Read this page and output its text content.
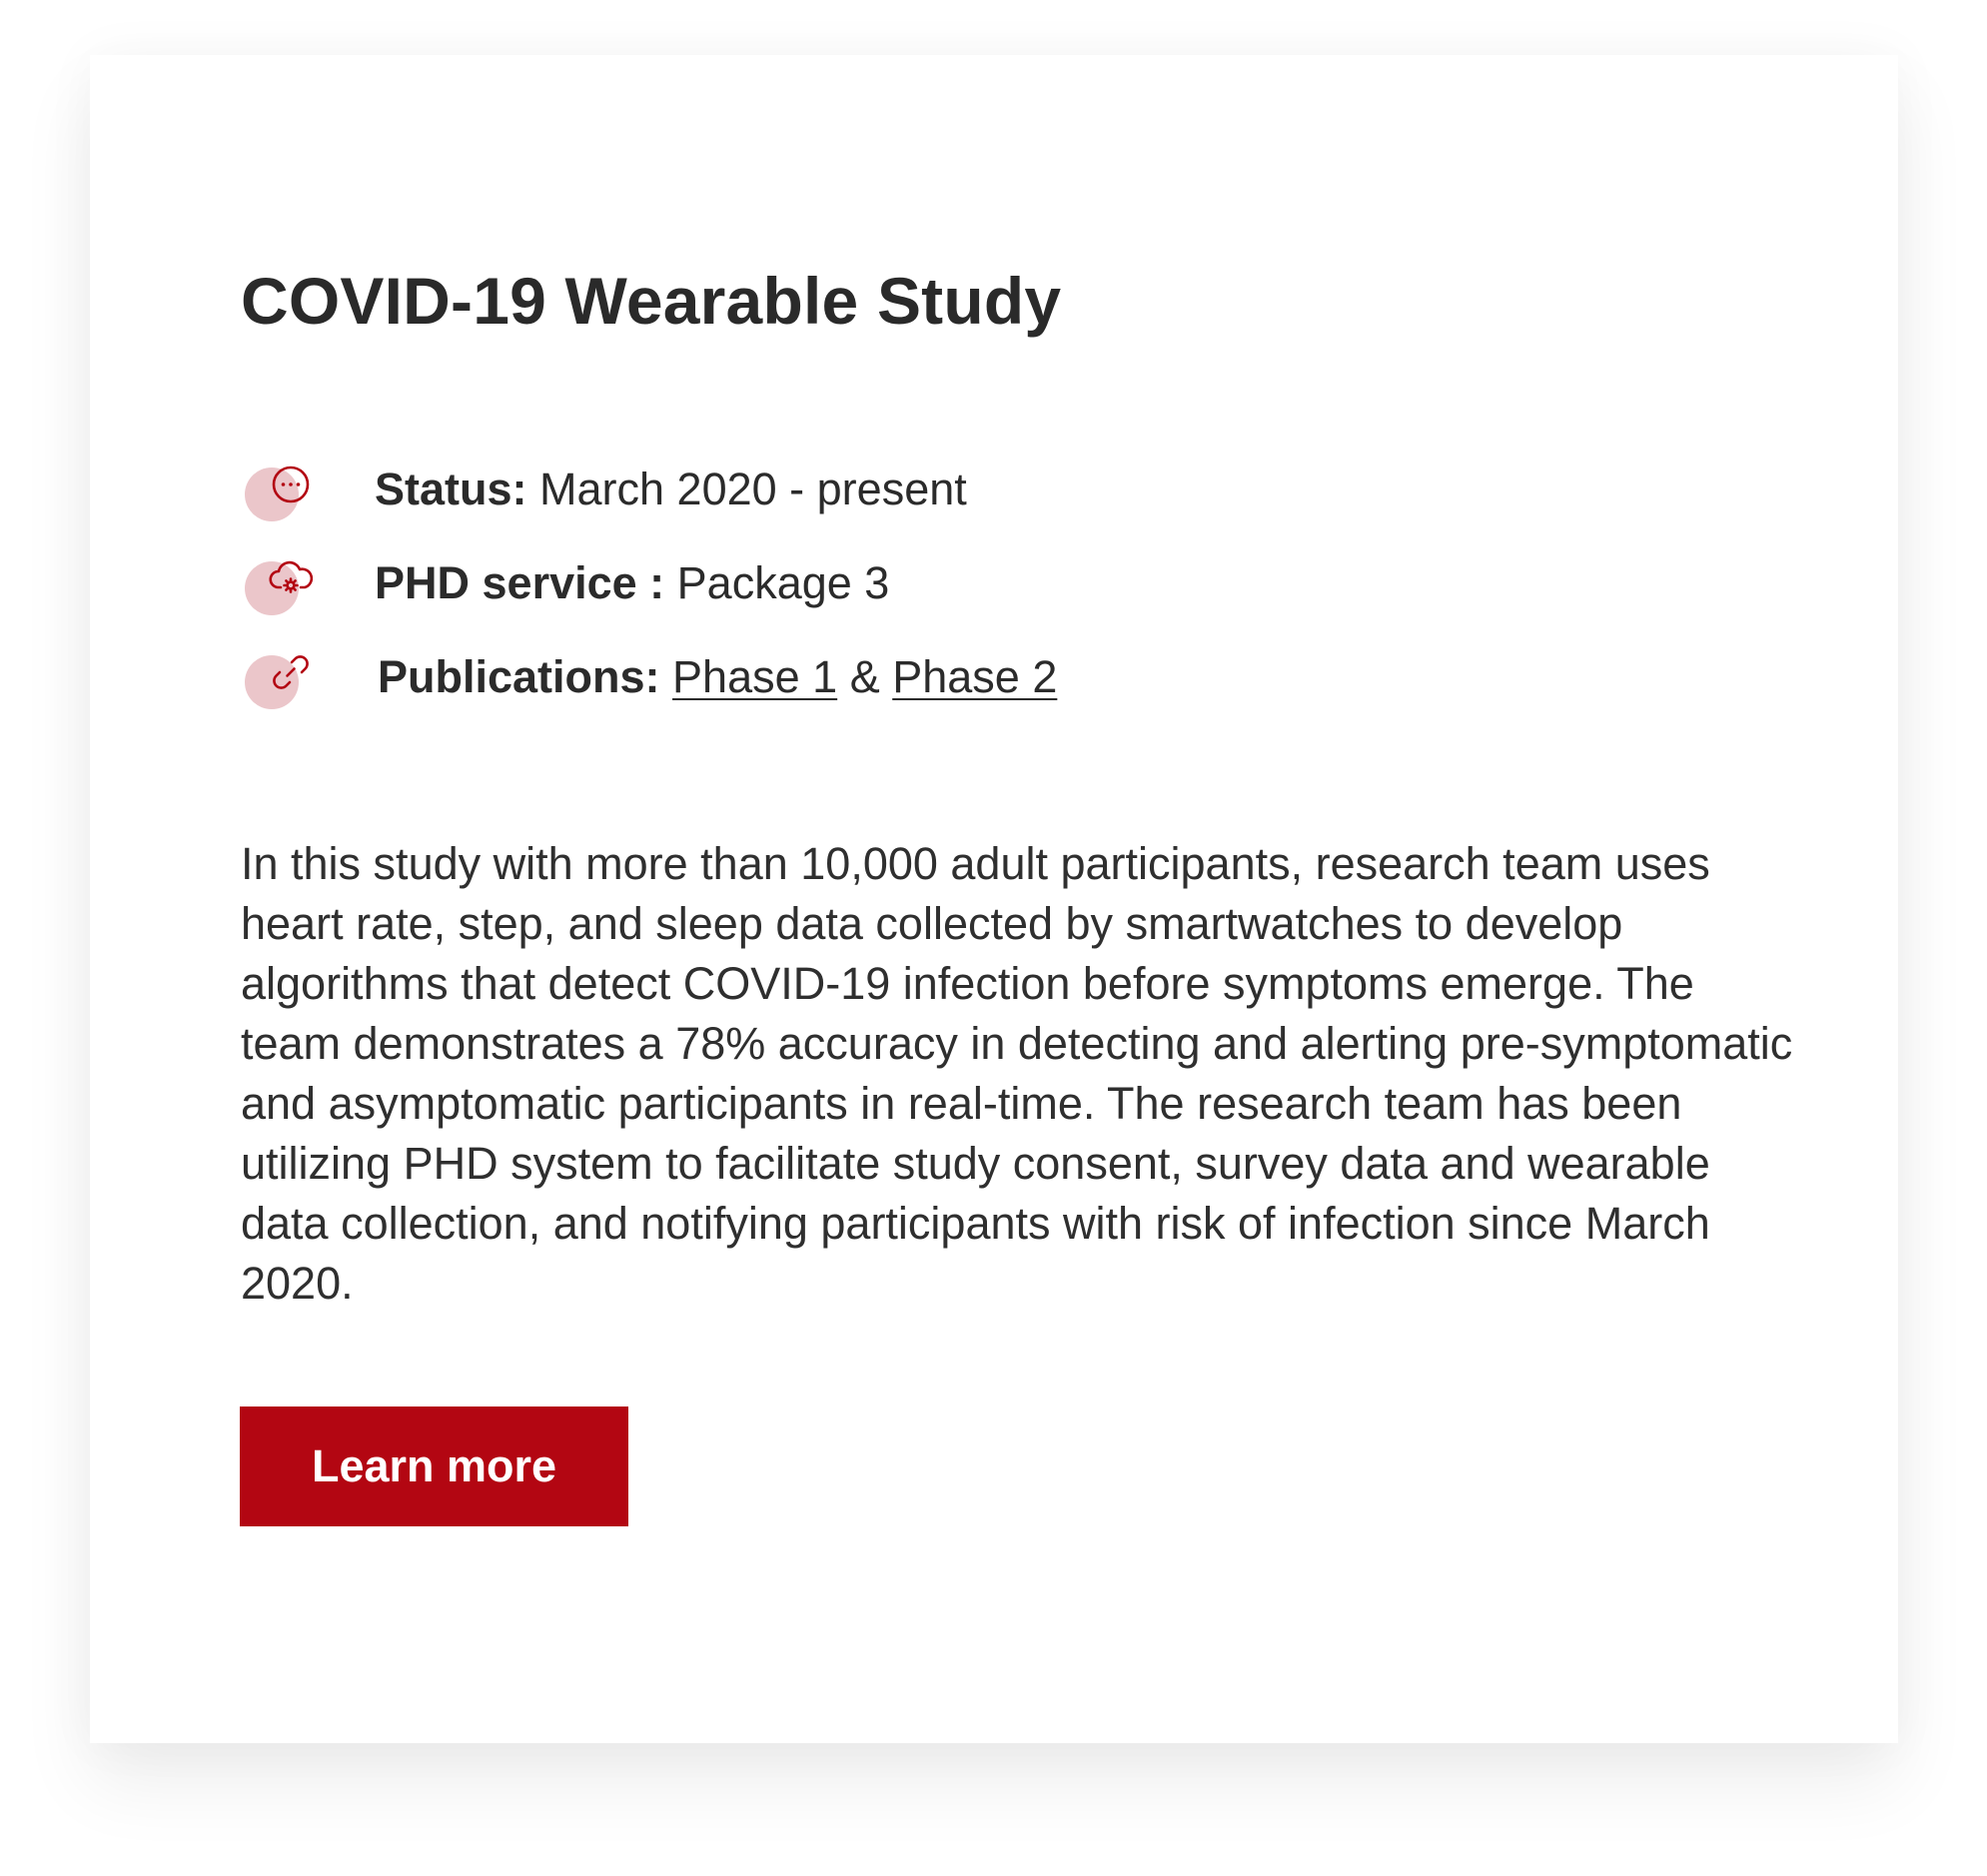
COVID-19 Wearable Study
Status: March 2020 - present
PHD service : Package 3
Publications: Phase 1 & Phase 2

In this study with more than 10,000 adult participants, research team uses heart rate, step, and sleep data collected by smartwatches to develop algorithms that detect COVID-19 infection before symptoms emerge. The team demonstrates a 78% accuracy in detecting and alerting pre-symptomatic and asymptomatic participants in real-time. The research team has been utilizing PHD system to facilitate study consent, survey data and wearable data collection, and notifying participants with risk of infection since March 2020.

Learn more
